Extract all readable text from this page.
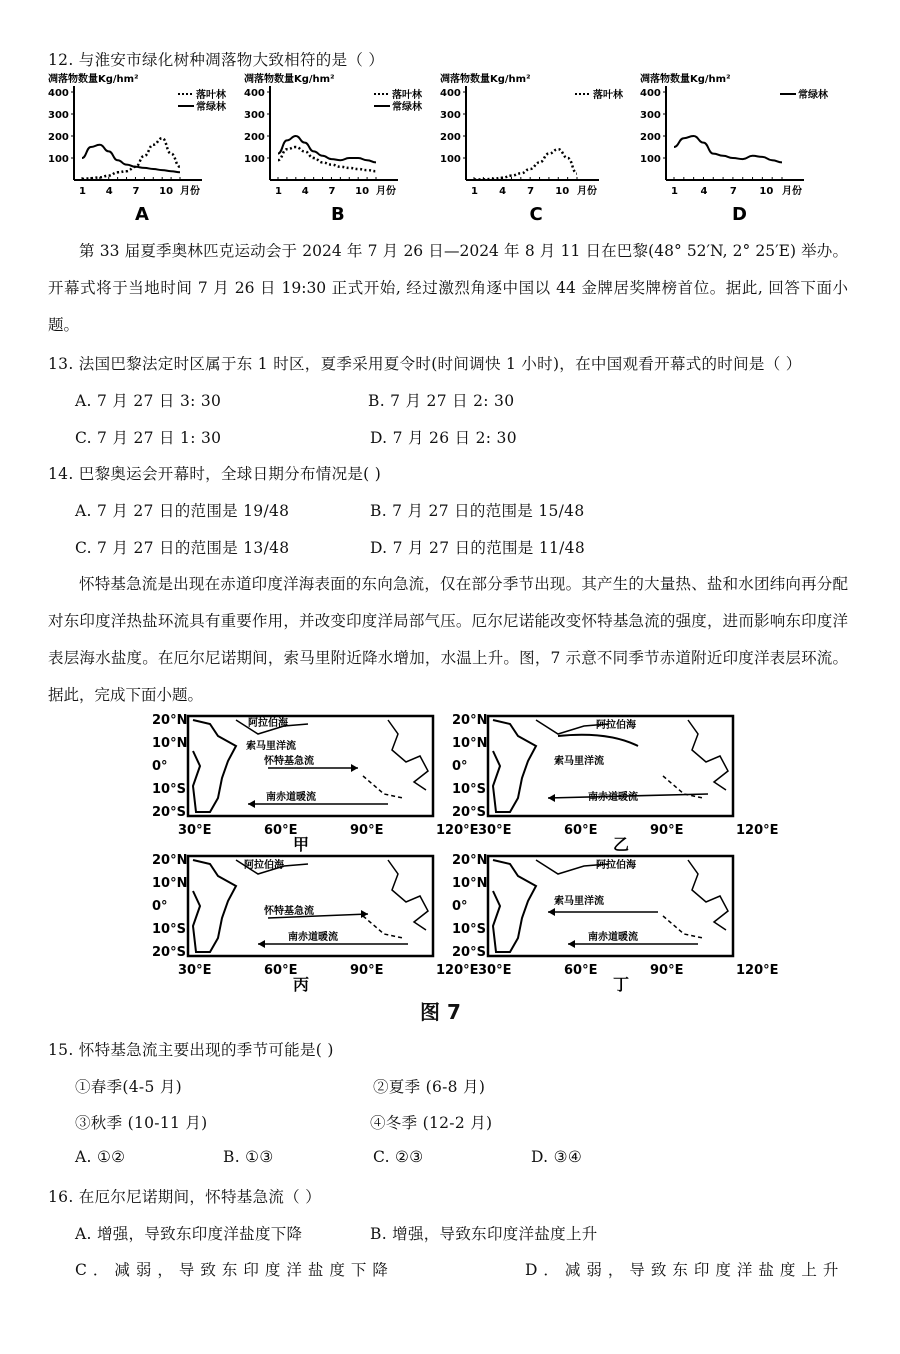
12. 与淮安市绿化树种凋落物大致相符的是（ ）
凋落物数量Kg/hm²
400
300
200
100
1 4 7 10 月份
落叶林
常绿林
A
凋落物数量Kg/hm²
400
300
200
100
1 4 7 10 月份
落叶林
常绿林
B
凋落物数量Kg/hm²
400
300
200
100
1 4 7 10 月份
落叶林
C
凋落物数量Kg/hm²
400
300
200
100
1 4 7 10 月份
常绿林
D
第 33 届夏季奥林匹克运动会于 2024 年 7 月 26 日—2024 年 8 月 11 日在巴黎(48° 52′N, 2° 25′E) 举办。开幕式将于当地时间 7 月 26 日 19:30 正式开始, 经过激烈角逐中国以 44 金牌居奖牌榜首位。据此, 回答下面小题。
13. 法国巴黎法定时区属于东 1 时区，夏季采用夏令时(时间调快 1 小时)，在中国观看开幕式的时间是（ ）
A. 7 月 27 日 3: 30	B. 7 月 27 日 2: 30
C. 7 月 27 日 1: 30	D. 7 月 26 日 2: 30
14. 巴黎奥运会开幕时，全球日期分布情况是( )
A. 7 月 27 日的范围是 19/48	B. 7 月 27 日的范围是 15/48
C. 7 月 27 日的范围是 13/48	D. 7 月 27 日的范围是 11/48
怀特基急流是出现在赤道印度洋海表面的东向急流，仅在部分季节出现。其产生的大量热、盐和水团纬向再分配对东印度洋热盐环流具有重要作用，并改变印度洋局部气压。厄尔尼诺能改变怀特基急流的强度，进而影响东印度洋表层海水盐度。在厄尔尼诺期间，索马里附近降水增加，水温上升。图，7 示意不同季节赤道附近印度洋表层环流。据此，完成下面小题。
20°N
10°N
0°
10°S
20°S
30°E	60°E	90°E	120°E
阿拉伯海
索马里洋流
怀特基急流
南赤道暖流
甲
20°N
10°N
0°
10°S
20°S
30°E	60°E	90°E	120°E
阿拉伯海
索马里洋流
南赤道暖流
乙
20°N
10°N
0°
10°S
20°S
30°E	60°E	90°E	120°E
阿拉伯海
怀特基急流
南赤道暖流
丙
20°N
10°N
0°
10°S
20°S
30°E	60°E	90°E	120°E
阿拉伯海
索马里洋流
南赤道暖流
丁
图 7
15. 怀特基急流主要出现的季节可能是( )
①春季(4-5 月)	②夏季 (6-8 月)
③秋季 (10-11 月)	④冬季 (12-2 月)
A. ①②	B. ①③	C. ②③	D. ③④
16. 在厄尔尼诺期间，怀特基急流（ ）
A. 增强，导致东印度洋盐度下降	B. 增强，导致东印度洋盐度上升
C．减弱，导致东印度洋盐度下降	D．减弱，导致东印度洋盐度上升
